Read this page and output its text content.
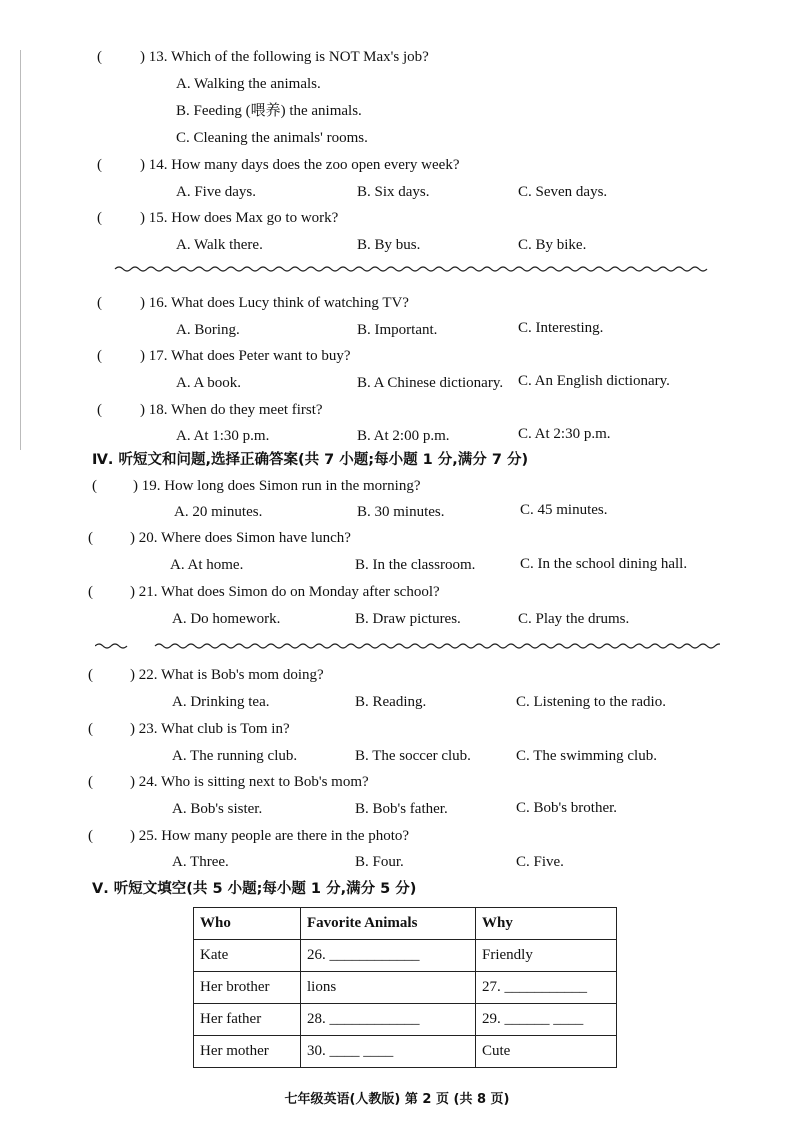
(	) 13. Which of the following is NOT Max's job?
A. Walking the animals.
B. Feeding (喂养) the animals.
C. Cleaning the animals' rooms.
(	) 14. How many days does the zoo open every week?
A. Five days.	B. Six days.	C. Seven days.
(	) 15. How does Max go to work?
A. Walk there.	B. By bus.	C. By bike.
(	) 16. What does Lucy think of watching TV?
A. Boring.	B. Important.	C. Interesting.
(	) 17. What does Peter want to buy?
A. A book.	B. A Chinese dictionary. C. An English dictionary.
(	) 18. When do they meet first?
A. At 1:30 p.m.	B. At 2:00 p.m.	C. At 2:30 p.m.
Ⅳ. 听短文和问题,选择正确答案(共 7 小题;每小题 1 分,满分 7 分)
( ) 19. How long does Simon run in the morning?
A. 20 minutes.	B. 30 minutes.	C. 45 minutes.
( ) 20. Where does Simon have lunch?
A. At home.	B. In the classroom.	C. In the school dining hall.
( ) 21. What does Simon do on Monday after school?
A. Do homework.	B. Draw pictures.	C. Play the drums.
( ) 22. What is Bob's mom doing?
A. Drinking tea.	B. Reading.	C. Listening to the radio.
( ) 23. What club is Tom in?
A. The running club.	B. The soccer club.	C. The swimming club.
( ) 24. Who is sitting next to Bob's mom?
A. Bob's sister.	B. Bob's father.	C. Bob's brother.
( ) 25. How many people are there in the photo?
A. Three.	B. Four.	C. Five.
Ⅴ. 听短文填空(共 5 小题;每小题 1 分,满分 5 分)
Who	Favorite Animals	Why
Kate	26. ____________	Friendly
Her brother	lions	27. ___________
Her father	28. ____________	29. ______ ____
Her mother	30. ____ ____	Cute
七年级英语(人教版) 第 2 页 (共 8 页)
